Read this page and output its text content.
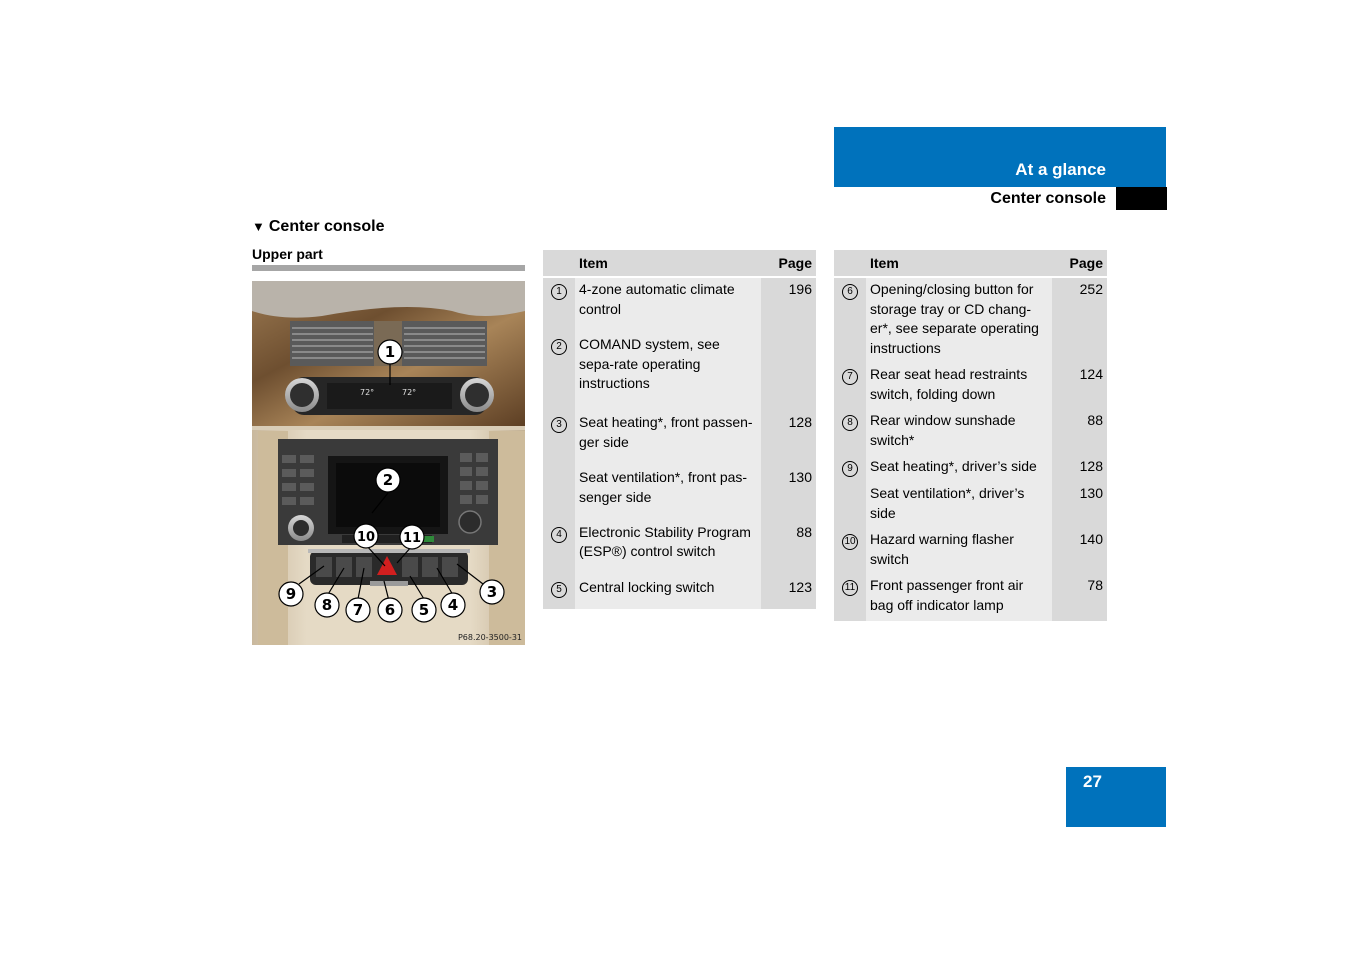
At a glance
Center console
▼ Center console
Upper part
72°	72°
1
2
3
4
5
6
7
8
9
10 11
P68.20-3500-31
	Item	Page
1	4-zone automatic climate control	196
2	COMAND system, see sepa-rate operating instructions	
3	Seat heating*, front passen-ger side	128
	Seat ventilation*, front pas-senger side	130
4	Electronic Stability Program (ESP®) control switch	88
5	Central locking switch	123

	Item	Page
6	Opening/closing button for storage tray or CD chang-er*, see separate operating instructions	252
7	Rear seat head restraints switch, folding down	124
8	Rear window sunshade switch*	88
9	Seat heating*, driver’s side	128
	Seat ventilation*, driver’s side	130
10	Hazard warning flasher switch	140
11	Front passenger front air bag off indicator lamp	78

27
